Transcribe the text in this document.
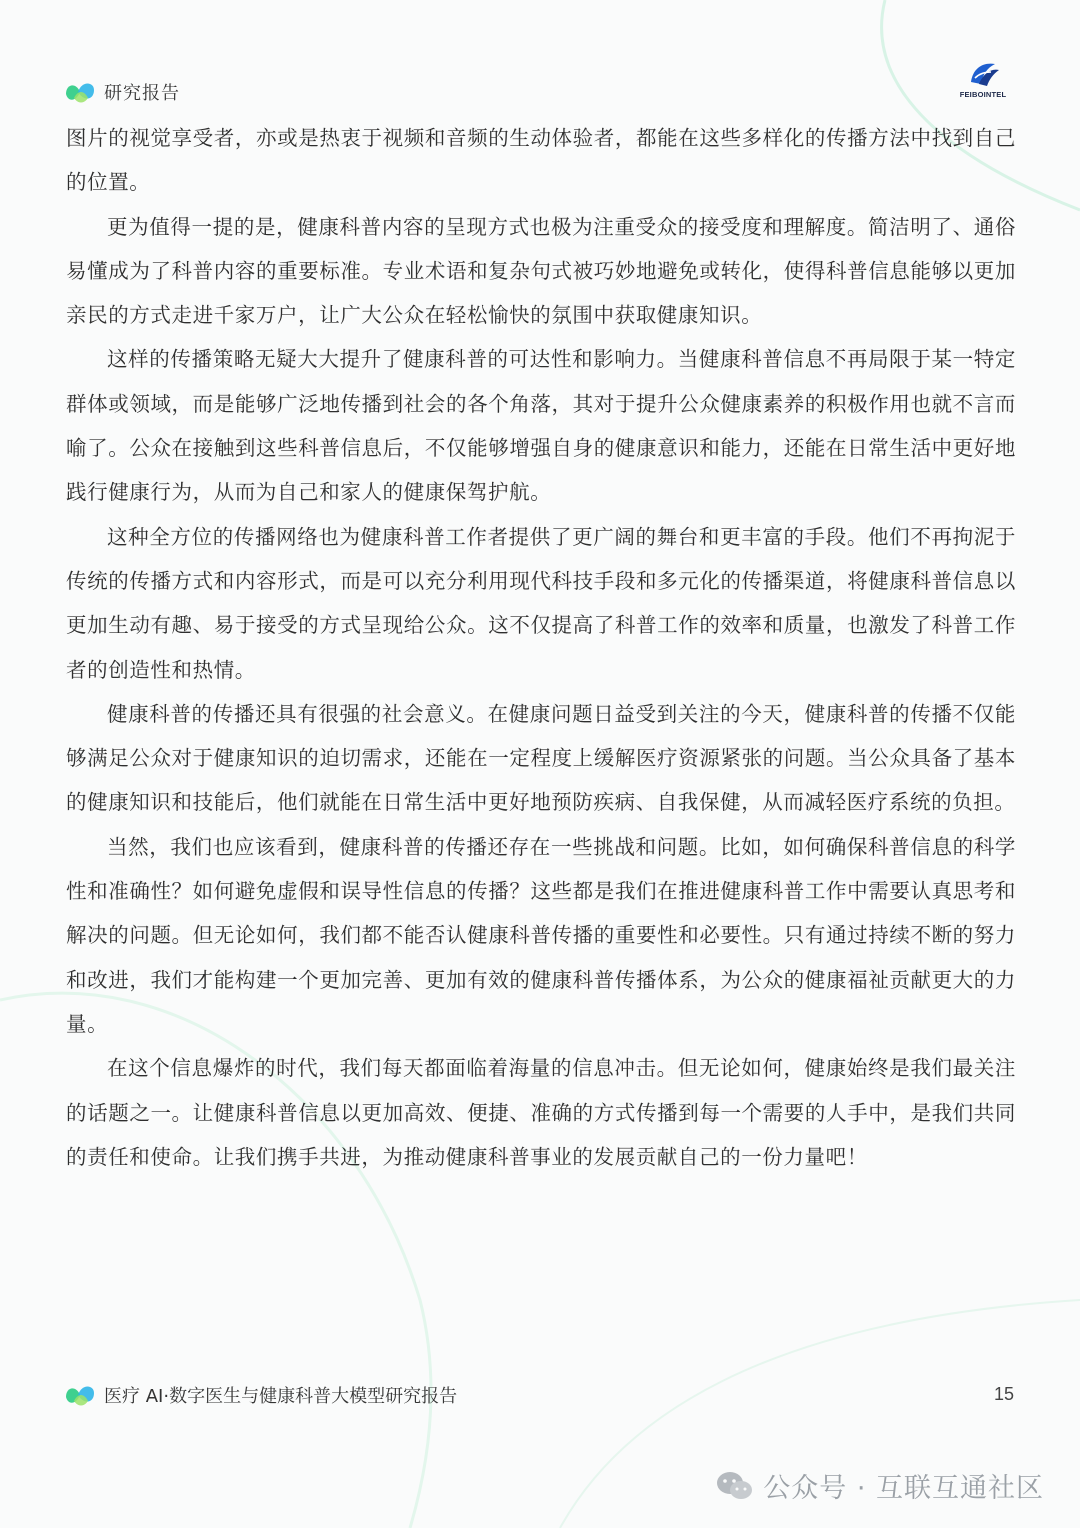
研究报告	FEIBOINTEL

图片的视觉享受者，亦或是热衷于视频和音频的生动体验者，都能在这些多样化的传播方法中找到自己的位置。

更为值得一提的是，健康科普内容的呈现方式也极为注重受众的接受度和理解度。简洁明了、通俗易懂成为了科普内容的重要标准。专业术语和复杂句式被巧妙地避免或转化，使得科普信息能够以更加亲民的方式走进千家万户，让广大公众在轻松愉快的氛围中获取健康知识。

这样的传播策略无疑大大提升了健康科普的可达性和影响力。当健康科普信息不再局限于某一特定群体或领域，而是能够广泛地传播到社会的各个角落，其对于提升公众健康素养的积极作用也就不言而喻了。公众在接触到这些科普信息后，不仅能够增强自身的健康意识和能力，还能在日常生活中更好地践行健康行为，从而为自己和家人的健康保驾护航。

这种全方位的传播网络也为健康科普工作者提供了更广阔的舞台和更丰富的手段。他们不再拘泥于传统的传播方式和内容形式，而是可以充分利用现代科技手段和多元化的传播渠道，将健康科普信息以更加生动有趣、易于接受的方式呈现给公众。这不仅提高了科普工作的效率和质量，也激发了科普工作者的创造性和热情。

健康科普的传播还具有很强的社会意义。在健康问题日益受到关注的今天，健康科普的传播不仅能够满足公众对于健康知识的迫切需求，还能在一定程度上缓解医疗资源紧张的问题。当公众具备了基本的健康知识和技能后，他们就能在日常生活中更好地预防疾病、自我保健，从而减轻医疗系统的负担。

当然，我们也应该看到，健康科普的传播还存在一些挑战和问题。比如，如何确保科普信息的科学性和准确性？如何避免虚假和误导性信息的传播？这些都是我们在推进健康科普工作中需要认真思考和解决的问题。但无论如何，我们都不能否认健康科普传播的重要性和必要性。只有通过持续不断的努力和改进，我们才能构建一个更加完善、更加有效的健康科普传播体系，为公众的健康福祉贡献更大的力量。

在这个信息爆炸的时代，我们每天都面临着海量的信息冲击。但无论如何，健康始终是我们最关注的话题之一。让健康科普信息以更加高效、便捷、准确的方式传播到每一个需要的人手中，是我们共同的责任和使命。让我们携手共进，为推动健康科普事业的发展贡献自己的一份力量吧！

医疗 AI·数字医生与健康科普大模型研究报告	15
公众号 · 互联互通社区
